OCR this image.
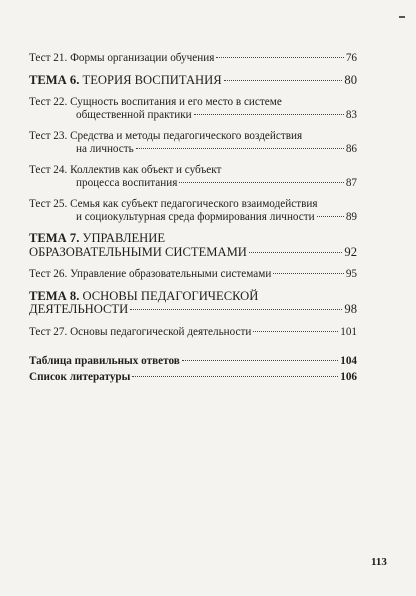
Тест 21. Формы организации обучения	76
ТЕМА 6. ТЕОРИЯ ВОСПИТАНИЯ	80
Тест 22. Сущность воспитания и его место в системе
общественной практики	83
Тест 23. Средства и методы педагогического воздействия
на личность	86
Тест 24. Коллектив как объект и субъект
процесса воспитания	87
Тест 25. Семья как субъект педагогического взаимодействия
и социокультурная среда формирования личности	89
ТЕМА 7. УПРАВЛЕНИЕ
ОБРАЗОВАТЕЛЬНЫМИ СИСТЕМАМИ	92
Тест 26. Управление образовательными системами	95
ТЕМА 8. ОСНОВЫ ПЕДАГОГИЧЕСКОЙ
ДЕЯТЕЛЬНОСТИ	98
Тест 27. Основы педагогической деятельности	101
Таблица правильных ответов	104
Список литературы	106
113
